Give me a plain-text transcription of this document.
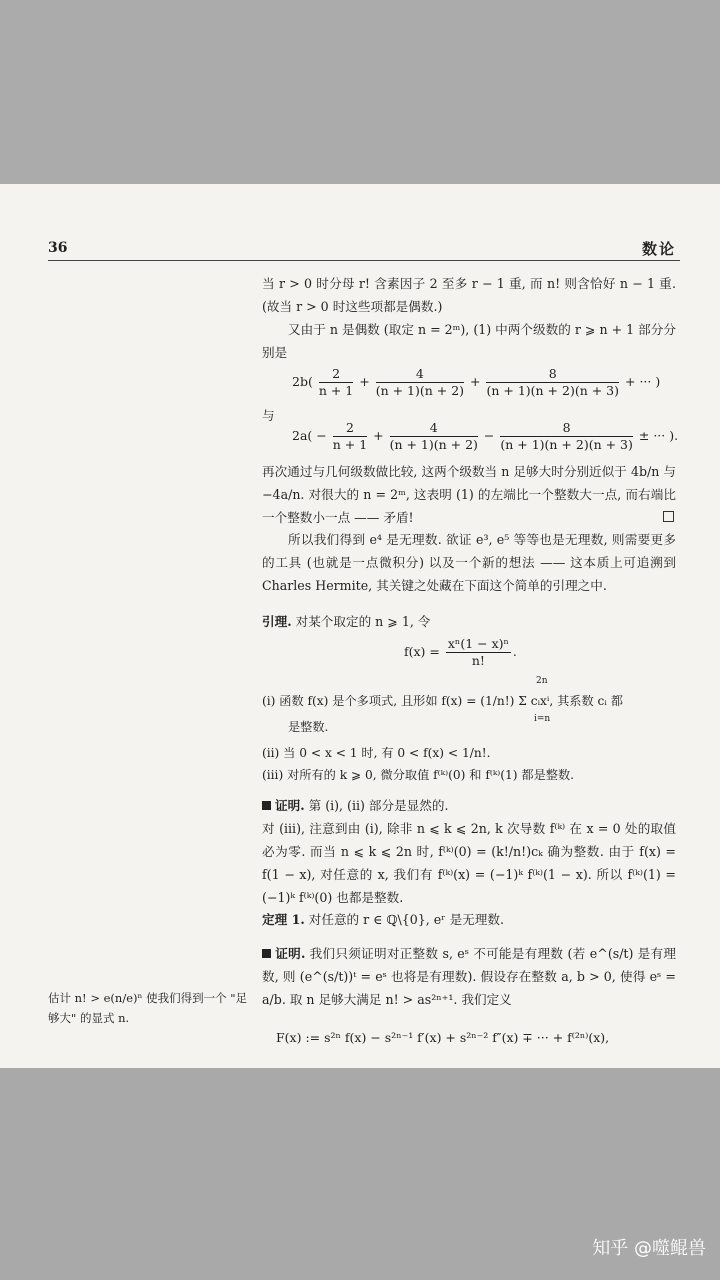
36	数论

当 r > 0 时分母 r! 含素因子 2 至多 r − 1 重, 而 n! 则含恰好 n − 1 重. (故当 r > 0 时这些项都是偶数.)

又由于 n 是偶数 (取定 n = 2ᵐ), (1) 中两个级数的 r ⩾ n + 1 部分分别是

$2b( \frac{2}{n + 1} + \frac{4}{(n + 1)(n + 2)} + \frac{8}{(n + 1)(n + 2)(n + 3)}$ + ··· )
与
$2a( - \frac{2}{n + 1} + \frac{4}{(n + 1)(n + 2)} - \frac{8}{(n + 1)(n + 2)(n + 3)}$ ± ··· ).

再次通过与几何级数做比较, 这两个级数当 n 足够大时分别近似于 4b/n 与 −4a/n. 对很大的 n = 2ᵐ, 这表明 (1) 的左端比一个整数大一点, 而右端比一个整数小一点 —— 矛盾!

所以我们得到 e⁴ 是无理数. 欲证 e³, e⁵ 等等也是无理数, 则需要更多的工具 (也就是一点微积分) 以及一个新的想法 —— 这本质上可追溯到Charles Hermite, 其关键之处藏在下面这个简单的引理之中.

引理. 对某个取定的 n ⩾ 1, 令
$f(x) = \frac{\text{xⁿ(1 − x)ⁿ}}{n!}$ .
(i) 函数 f(x) 是个多项式, 且形如 f(x) = (1/n!) Σ cᵢxⁱ, 其系数 cᵢ 都
2n
i=n
是整数.
(ii) 当 0 < x < 1 时, 有 0 < f(x) < 1/n!.
(iii) 对所有的 k ⩾ 0, 微分取值 f⁽ᵏ⁾(0) 和 f⁽ᵏ⁾(1) 都是整数.

证明. 第 (i), (ii) 部分是显然的.

对 (iii), 注意到由 (i), 除非 n ⩽ k ⩽ 2n, k 次导数 f⁽ᵏ⁾ 在 x = 0 处的取值必为零. 而当 n ⩽ k ⩽ 2n 时, f⁽ᵏ⁾(0) = (k!/n!)cₖ 确为整数. 由于 f(x) = f(1 − x), 对任意的 x, 我们有 f⁽ᵏ⁾(x) = (−1)ᵏ f⁽ᵏ⁾(1 − x). 所以 f⁽ᵏ⁾(1) = (−1)ᵏ f⁽ᵏ⁾(0) 也都是整数.

定理 1. 对任意的 r ∈ ℚ\{0}, eʳ 是无理数.

证明. 我们只须证明对正整数 s, eˢ 不可能是有理数 (若 e^(s/t) 是有理数, 则 (e^(s/t))ᵗ = eˢ 也将是有理数). 假设存在整数 a, b > 0, 使得 eˢ = a/b. 取 n 足够大满足 n! > as²ⁿ⁺¹. 我们定义

估计 n! > e(n/e)ⁿ 使我们得到一个 "足够大" 的显式 n.
F(x) := s²ⁿ f(x) − s²ⁿ⁻¹ f′(x) + s²ⁿ⁻² f″(x) ∓ ··· + f⁽²ⁿ⁾(x),
知乎 @噬鲲兽
